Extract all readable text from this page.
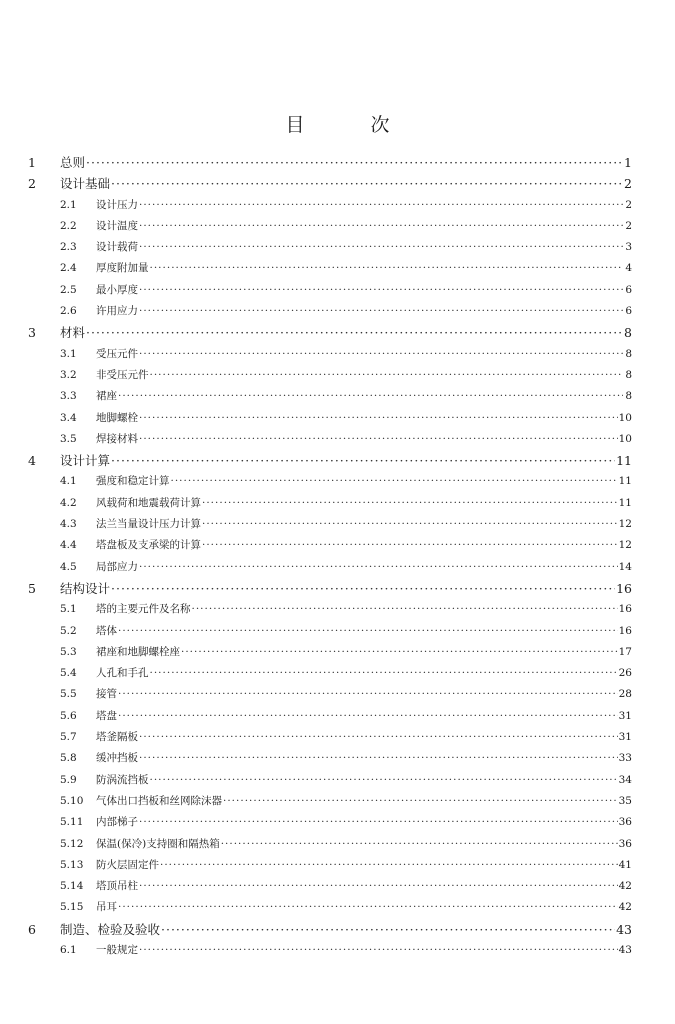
目 次
1	总则 ·····	1
2	设计基础 ·····	2
2.1	设计压力 ·····	2
2.2	设计温度 ·····	2
2.3	设计载荷 ·····	3
2.4	厚度附加量 ·····	4
2.5	最小厚度 ·····	6
2.6	许用应力 ·····	6
3	材料 ·····	8
3.1	受压元件 ·····	8
3.2	非受压元件 ·····	8
3.3	裙座 ·····	8
3.4	地脚螺栓 ·····	10
3.5	焊接材料 ·····	10
4	设计计算 ·····	11
4.1	强度和稳定计算 ·····	11
4.2	风载荷和地震载荷计算 ·····	11
4.3	法兰当量设计压力计算 ·····	12
4.4	塔盘板及支承梁的计算 ·····	12
4.5	局部应力 ·····	14
5	结构设计 ·····	16
5.1	塔的主要元件及名称 ·····	16
5.2	塔体 ·····	16
5.3	裙座和地脚螺栓座 ·····	17
5.4	人孔和手孔 ·····	26
5.5	接管 ·····	28
5.6	塔盘 ·····	31
5.7	塔釜隔板 ·····	31
5.8	缓冲挡板 ·····	33
5.9	防涡流挡板 ·····	34
5.10	气体出口挡板和丝网除沫器 ·····	35
5.11	内部梯子 ·····	36
5.12	保温(保冷)支持圈和隔热箱 ·····	36
5.13	防火层固定件 ·····	41
5.14	塔顶吊柱 ·····	42
5.15	吊耳 ·····	42
6	制造、检验及验收 ·····	43
6.1	一般规定 ·····	43
